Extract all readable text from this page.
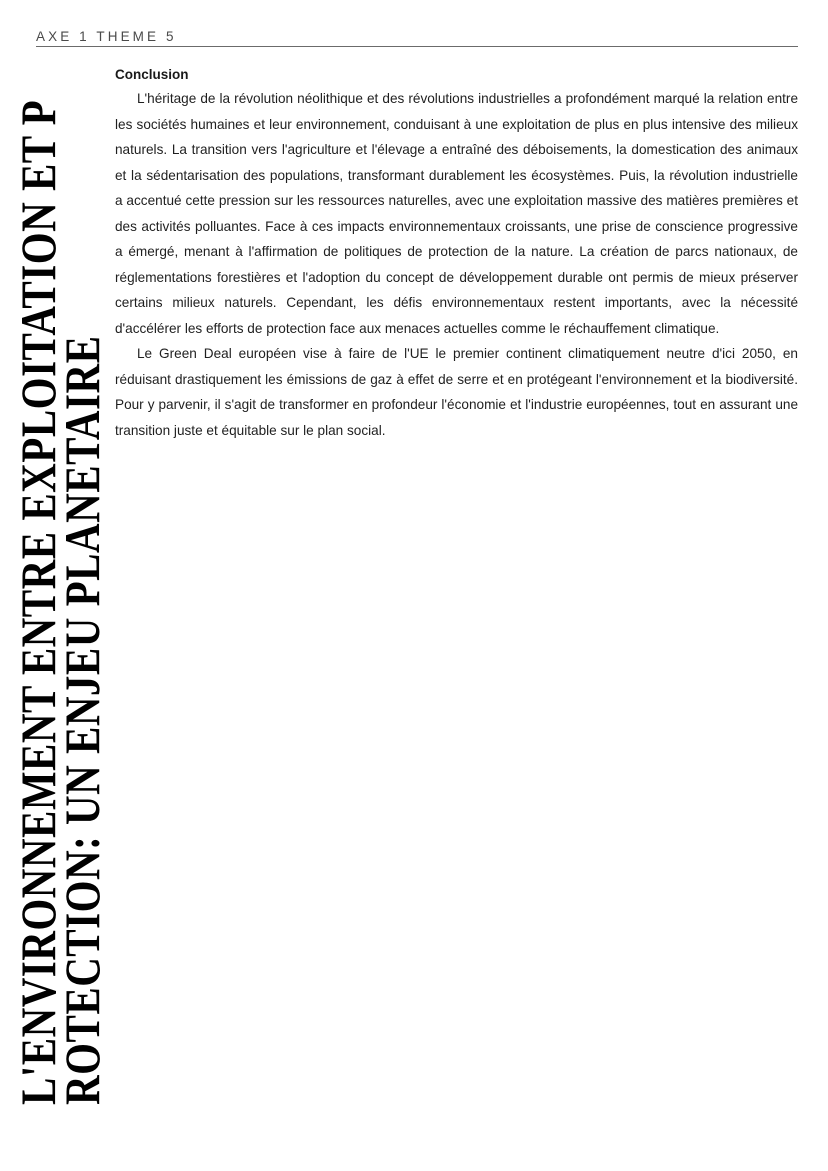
AXE 1 THEME 5
L'ENVIRONNEMENT ENTRE EXPLOITATION ET P
ROTECTION: UN ENJEU PLANETAIRE
Conclusion

L'héritage de la révolution néolithique et des révolutions industrielles a profondément marqué la relation entre les sociétés humaines et leur environnement, conduisant à une exploitation de plus en plus intensive des milieux naturels. La transition vers l'agriculture et l'élevage a entraîné des déboisements, la domestication des animaux et la sédentarisation des populations, transformant durablement les écosystèmes. Puis, la révolution industrielle a accentué cette pression sur les ressources naturelles, avec une exploitation massive des matières premières et des activités polluantes. Face à ces impacts environnementaux croissants, une prise de conscience progressive a émergé, menant à l'affirmation de politiques de protection de la nature. La création de parcs nationaux, de réglementations forestières et l'adoption du concept de développement durable ont permis de mieux préserver certains milieux naturels. Cependant, les défis environnementaux restent importants, avec la nécessité d'accélérer les efforts de protection face aux menaces actuelles comme le réchauffement climatique.

Le Green Deal européen vise à faire de l'UE le premier continent climatiquement neutre d'ici 2050, en réduisant drastiquement les émissions de gaz à effet de serre et en protégeant l'environnement et la biodiversité. Pour y parvenir, il s'agit de transformer en profondeur l'économie et l'industrie européennes, tout en assurant une transition juste et équitable sur le plan social.
